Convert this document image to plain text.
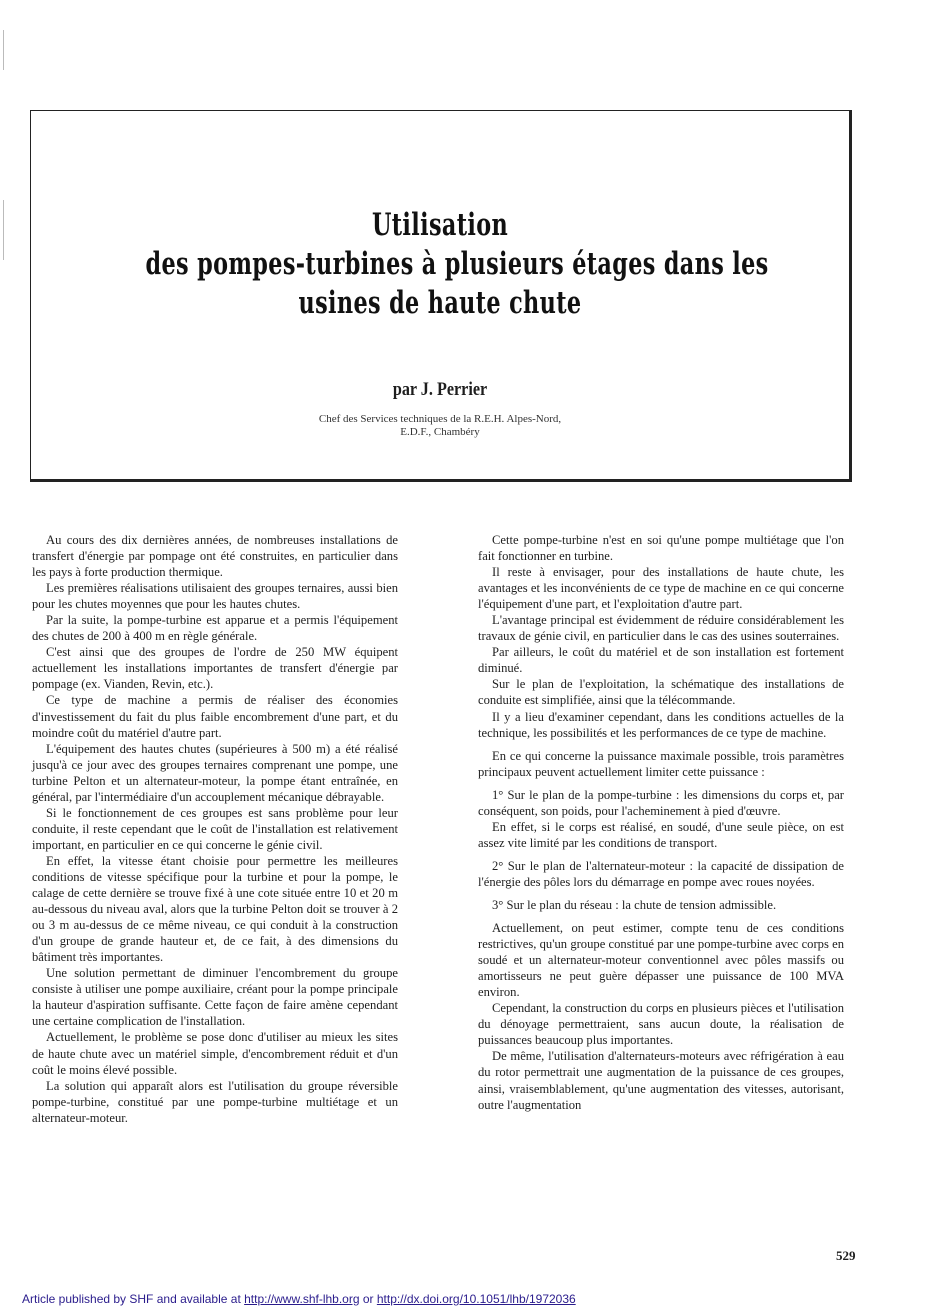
Utilisation
des pompes-turbines à plusieurs étages dans les
usines de haute chute
par J. Perrier
Chef des Services techniques de la R.E.H. Alpes-Nord,
E.D.F., Chambéry

Au cours des dix dernières années, de nombreuses installations de transfert d'énergie par pompage ont été construites, en particulier dans les pays à forte production thermique.

Les premières réalisations utilisaient des groupes ternaires, aussi bien pour les chutes moyennes que pour les hautes chutes.

Par la suite, la pompe-turbine est apparue et a permis l'équipement des chutes de 200 à 400 m en règle générale.

C'est ainsi que des groupes de l'ordre de 250 MW équipent actuellement les installations importantes de transfert d'énergie par pompage (ex. Vianden, Revin, etc.).

Ce type de machine a permis de réaliser des économies d'investissement du fait du plus faible encombrement d'une part, et du moindre coût du matériel d'autre part.

L'équipement des hautes chutes (supérieures à 500 m) a été réalisé jusqu'à ce jour avec des groupes ternaires comprenant une pompe, une turbine Pelton et un alternateur-moteur, la pompe étant entraînée, en général, par l'intermédiaire d'un accouplement mécanique débrayable.

Si le fonctionnement de ces groupes est sans problème pour leur conduite, il reste cependant que le coût de l'installation est relativement important, en particulier en ce qui concerne le génie civil.

En effet, la vitesse étant choisie pour permettre les meilleures conditions de vitesse spécifique pour la turbine et pour la pompe, le calage de cette dernière se trouve fixé à une cote située entre 10 et 20 m au-dessous du niveau aval, alors que la turbine Pelton doit se trouver à 2 ou 3 m au-dessus de ce même niveau, ce qui conduit à la construction d'un groupe de grande hauteur et, de ce fait, à des dimensions du bâtiment très importantes.

Une solution permettant de diminuer l'encombrement du groupe consiste à utiliser une pompe auxiliaire, créant pour la pompe principale la hauteur d'aspiration suffisante. Cette façon de faire amène cependant une certaine complication de l'installation.

Actuellement, le problème se pose donc d'utiliser au mieux les sites de haute chute avec un matériel simple, d'encombrement réduit et d'un coût le moins élevé possible.

La solution qui apparaît alors est l'utilisation du groupe réversible pompe-turbine, constitué par une pompe-turbine multiétage et un alternateur-moteur.

Cette pompe-turbine n'est en soi qu'une pompe multiétage que l'on fait fonctionner en turbine.

Il reste à envisager, pour des installations de haute chute, les avantages et les inconvénients de ce type de machine en ce qui concerne l'équipement d'une part, et l'exploitation d'autre part.

L'avantage principal est évidemment de réduire considérablement les travaux de génie civil, en particulier dans le cas des usines souterraines.

Par ailleurs, le coût du matériel et de son installation est fortement diminué.

Sur le plan de l'exploitation, la schématique des installations de conduite est simplifiée, ainsi que la télécommande.

Il y a lieu d'examiner cependant, dans les conditions actuelles de la technique, les possibilités et les performances de ce type de machine.

En ce qui concerne la puissance maximale possible, trois paramètres principaux peuvent actuellement limiter cette puissance :

1° Sur le plan de la pompe-turbine : les dimensions du corps et, par conséquent, son poids, pour l'acheminement à pied d'œuvre.

En effet, si le corps est réalisé, en soudé, d'une seule pièce, on est assez vite limité par les conditions de transport.

2° Sur le plan de l'alternateur-moteur : la capacité de dissipation de l'énergie des pôles lors du démarrage en pompe avec roues noyées.

3° Sur le plan du réseau : la chute de tension admissible.

Actuellement, on peut estimer, compte tenu de ces conditions restrictives, qu'un groupe constitué par une pompe-turbine avec corps en soudé et un alternateur-moteur conventionnel avec pôles massifs ou amortisseurs ne peut guère dépasser une puissance de 100 MVA environ.

Cependant, la construction du corps en plusieurs pièces et l'utilisation du dénoyage permettraient, sans aucun doute, la réalisation de puissances beaucoup plus importantes.

De même, l'utilisation d'alternateurs-moteurs avec réfrigération à eau du rotor permettrait une augmentation de la puissance de ces groupes, ainsi, vraisemblablement, qu'une augmentation des vitesses, autorisant, outre l'augmentation

529
Article published by SHF and available at http://www.shf-lhb.org or http://dx.doi.org/10.1051/lhb/1972036
